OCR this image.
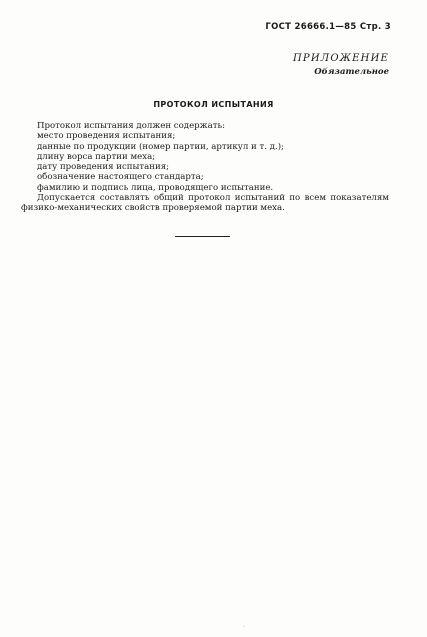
ГОСТ 26666.1—85 Стр. 3
ПРИЛОЖЕНИЕ
Обязательное
ПРОТОКОЛ ИСПЫТАНИЯ
Протокол испытания должен содержать:
место проведения испытания;
данные по продукции (номер партии, артикул и т. д.);
длину ворса партии меха;
дату проведения испытания;
обозначение настоящего стандарта;
фамилию и подпись лица, проводящего испытание.
Допускается составлять общий протокол испытаний по всем показателям
физико-механических свойств проверяемой партии меха.
·
